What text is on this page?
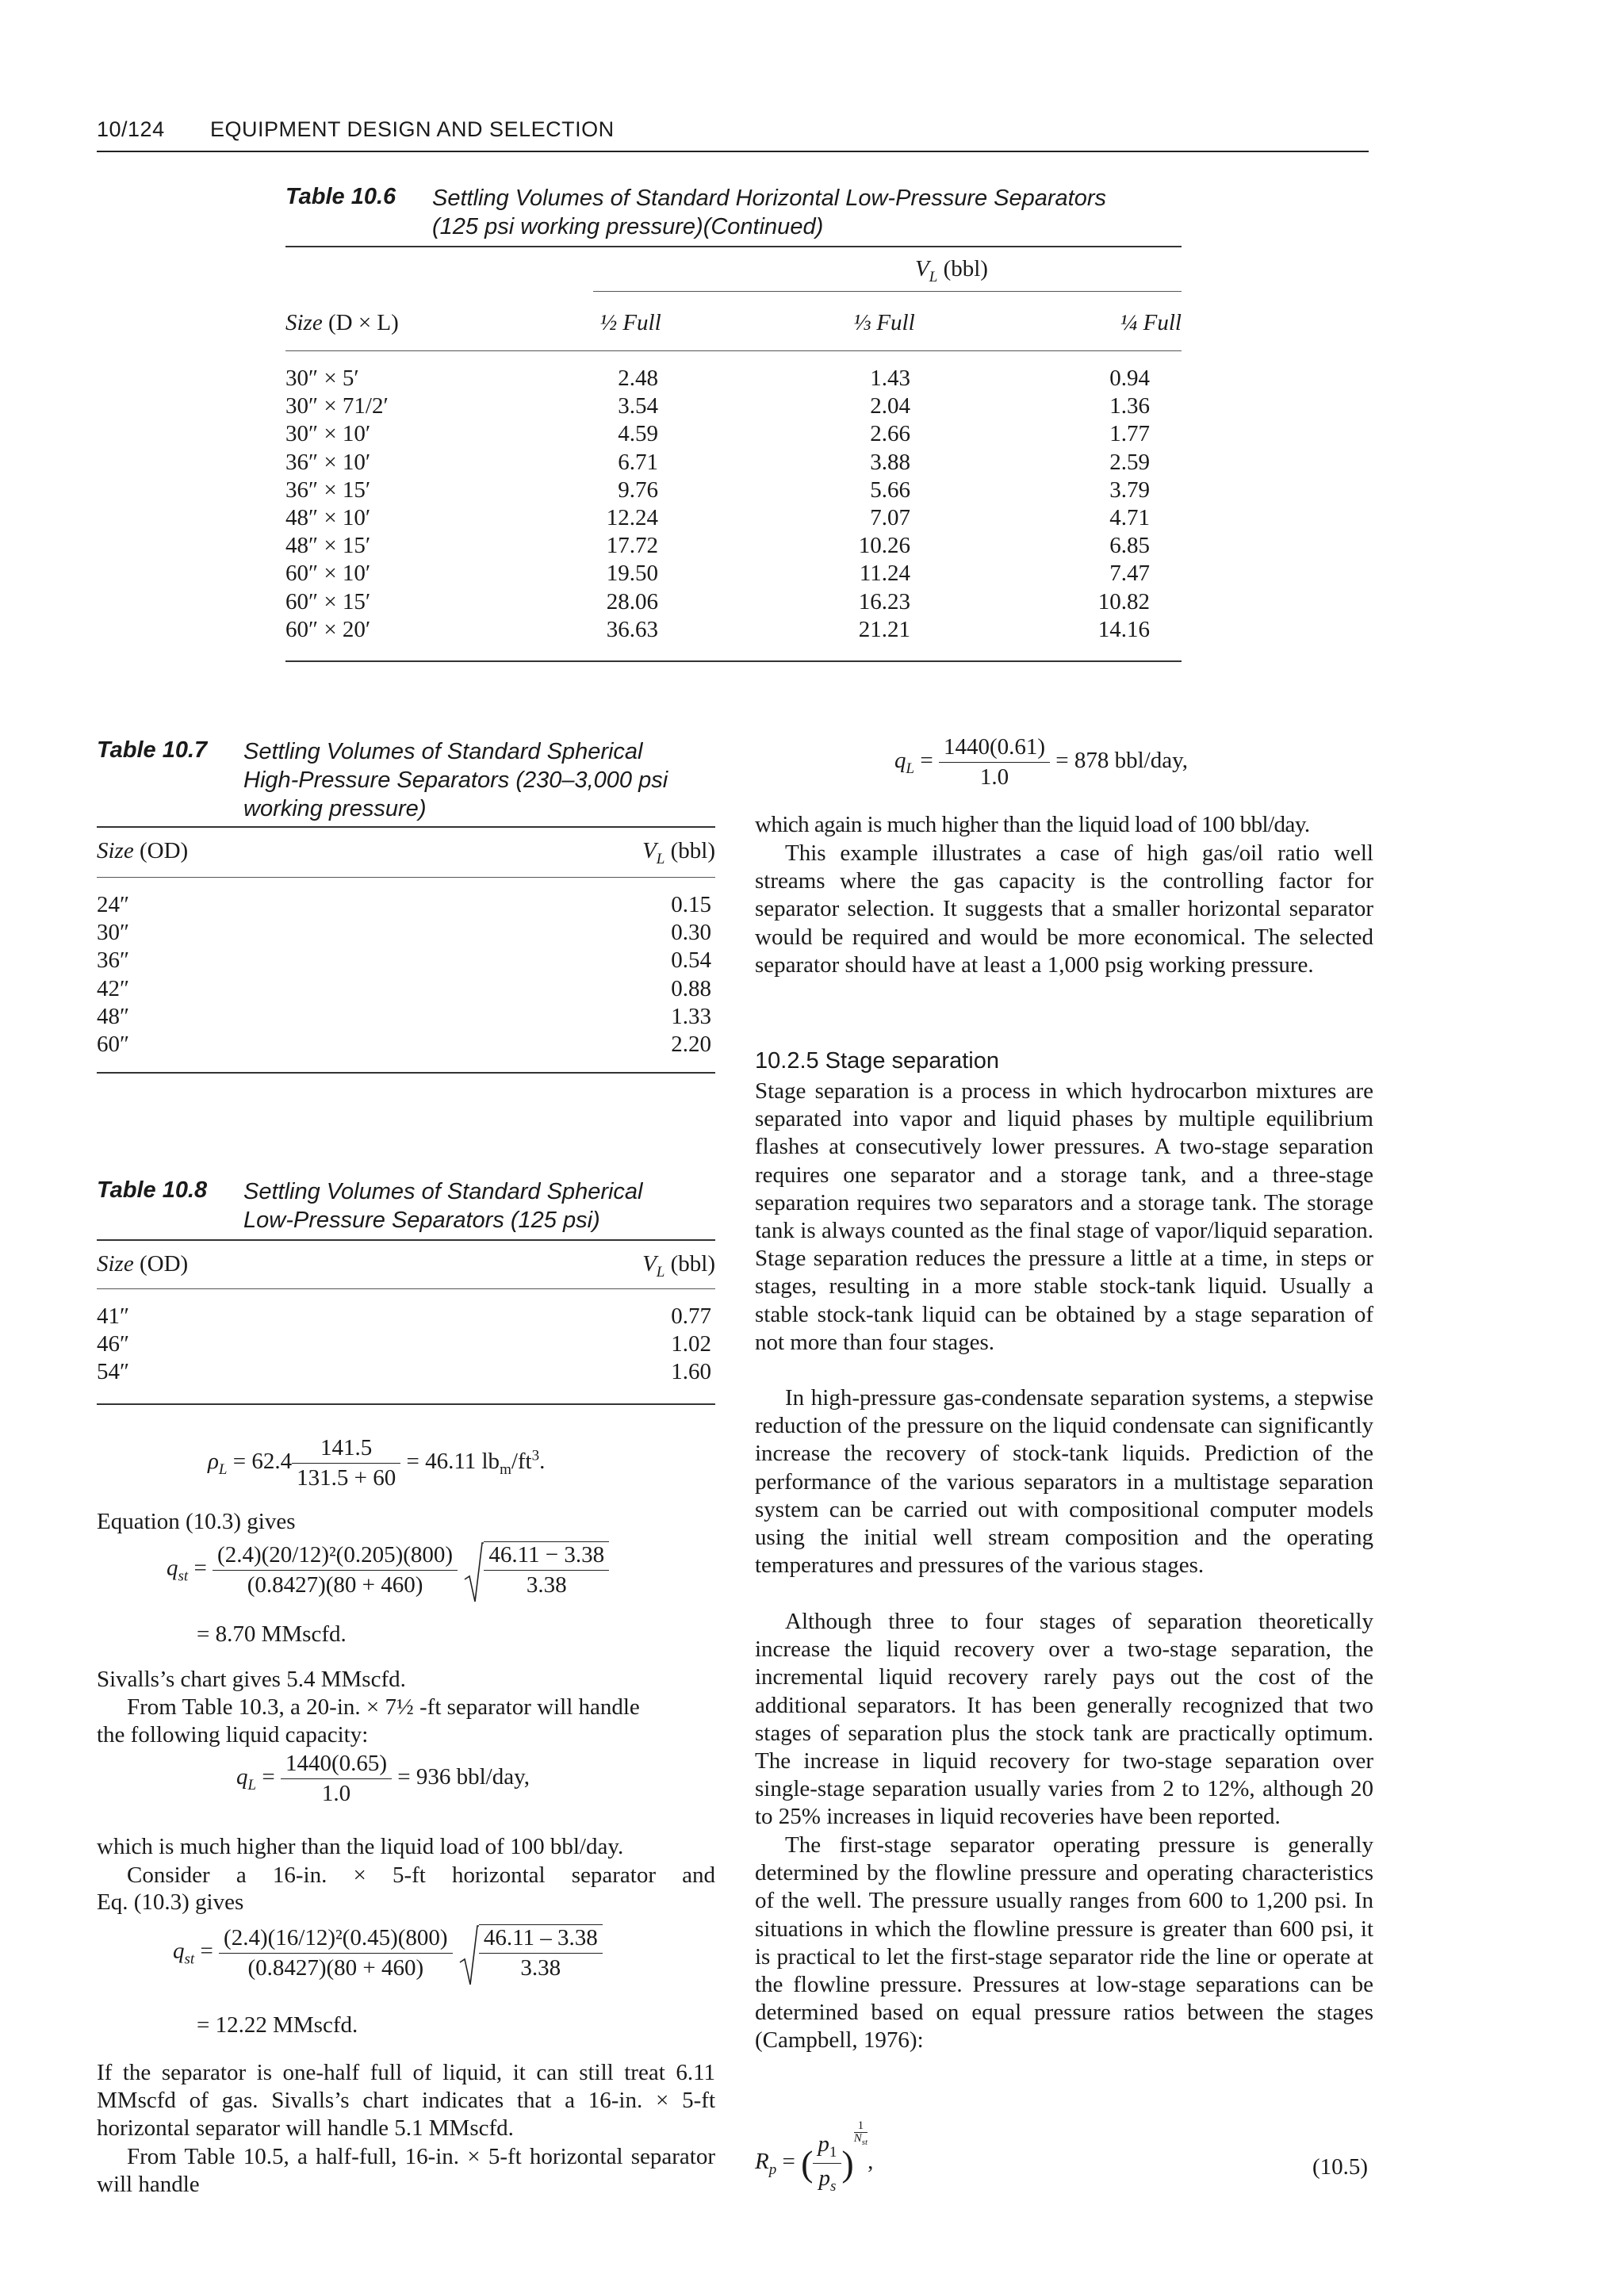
10/124 EQUIPMENT DESIGN AND SELECTION
Table 10.6 Settling Volumes of Standard Horizontal Low-Pressure Separators
(125 psi working pressure)(Continued)
$V_L$ (bbl)
Size (D × L)	½ Full	⅓ Full	¼ Full
30″ × 5′	2.48	1.43	0.94
30″ × 71/2′	3.54	2.04	1.36
30″ × 10′	4.59	2.66	1.77
36″ × 10′	6.71	3.88	2.59
36″ × 15′	9.76	5.66	3.79
48″ × 10′	12.24	7.07	4.71
48″ × 15′	17.72	10.26	6.85
60″ × 10′	19.50	11.24	7.47
60″ × 15′	28.06	16.23	10.82
60″ × 20′	36.63	21.21	14.16
Table 10.7 Settling Volumes of Standard Spherical
High-Pressure Separators (230–3,000 psi
working pressure)
Size (OD)	$V_L$ (bbl)
24″	0.15
30″	0.30
36″	0.54
42″	0.88
48″	1.33
60″	2.20
Table 10.8 Settling Volumes of Standard Spherical
Low-Pressure Separators (125 psi)
Size (OD)	$V_L$ (bbl)
41″	0.77
46″	1.02
54″	1.60
$\rho_L = 62.4 \frac{141.5}{131.5 + 60} = 46.11$ $lb_m/ft^3$.
Equation (10.3) gives
$q_{st} = \frac{\text{(2.4)(20/12)²(0.205)(800)}}{(0.8427)(80 + 460)}$
$\frac{46.11 - 3.38}{3.38}$
= 8.70 MMscfd.
Sivalls’s chart gives 5.4 MMscfd.
From Table 10.3, a 20-in. × 7½ -ft separator will handle
the following liquid capacity:
$q_L = \frac{1440(0.65)}{1.0} = 936$ bbl/day,
which is much higher than the liquid load of 100 bbl/day.
Consider a 16-in. × 5-ft horizontal separator and
Eq. (10.3) gives
$q_{st} = \frac{\text{(2.4)(16/12)²(0.45)(800)}}{(0.8427)(80 + 460)}$
$\frac{46.11 - 3.38}{3.38}$
= 12.22 MMscfd.
If the separator is one-half full of liquid, it can still treat 6.11 MMscfd of gas. Sivalls’s chart indicates that a 16-in. × 5-ft horizontal separator will handle 5.1 MMscfd.
From Table 10.5, a half-full, 16-in. × 5-ft horizontal separator will handle
$q_L = \frac{1440(0.61)}{1.0} = 878$ bbl/day,
which again is much higher than the liquid load of 100 bbl/day.
This example illustrates a case of high gas/oil ratio well streams where the gas capacity is the controlling factor for separator selection. It suggests that a smaller horizontal separator would be required and would be more economical. The selected separator should have at least a 1,000 psig working pressure.
10.2.5 Stage separation
Stage separation is a process in which hydrocarbon mixtures are separated into vapor and liquid phases by multiple equilibrium flashes at consecutively lower pressures. A two-stage separation requires one separator and a storage tank, and a three-stage separation requires two separators and a storage tank. The storage tank is always counted as the final stage of vapor/liquid separation. Stage separation reduces the pressure a little at a time, in steps or stages, resulting in a more stable stock-tank liquid. Usually a stable stock-tank liquid can be obtained by a stage separation of not more than four stages.
In high-pressure gas-condensate separation systems, a stepwise reduction of the pressure on the liquid condensate can significantly increase the recovery of stock-tank liquids. Prediction of the performance of the various separators in a multistage separation system can be carried out with compositional computer models using the initial well stream composition and the operating temperatures and pressures of the various stages.
Although three to four stages of separation theoretically increase the liquid recovery over a two-stage separation, the incremental liquid recovery rarely pays out the cost of the additional separators. It has been generally recognized that two stages of separation plus the stock tank are practically optimum. The increase in liquid recovery for two-stage separation over single-stage separation usually varies from 2 to 12%, although 20 to 25% increases in liquid recoveries have been reported.
The first-stage separator operating pressure is generally determined by the flowline pressure and operating characteristics of the well. The pressure usually ranges from 600 to 1,200 psi. In situations in which the flowline pressure is greater than 600 psi, it is practical to let the first-stage separator ride the line or operate at the flowline pressure. Pressures at low-stage separations can be determined based on equal pressure ratios between the stages (Campbell, 1976):
$R_p$ = ( $\frac{p_1}{p_s}$ )
1
$N_{st}$
,	(10.5)
